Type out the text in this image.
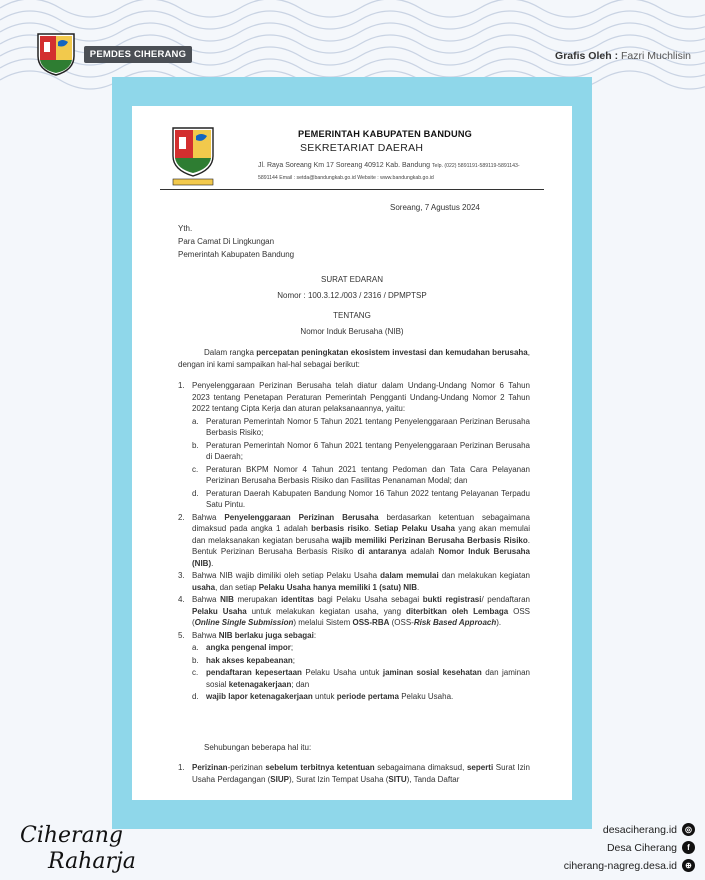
PEMDES CIHERANG	Grafis Oleh : Fazri Muchlisin
PEMERINTAH KABUPATEN BANDUNG
SEKRETARIAT DAERAH
Jl. Raya Soreang Km 17 Soreang 40912 Kab. Bandung Telp. (022) 5891191-589119-5891143-
5891144 Email : setda@bandungkab.go.id Website : www.bandungkab.go.id
Soreang, 7 Agustus 2024
Yth.
Para Camat Di Lingkungan
Pemerintah Kabupaten Bandung
SURAT EDARAN
Nomor : 100.3.12./003 / 2316 / DPMPTSP
TENTANG
Nomor Induk Berusaha (NIB)
Dalam rangka percepatan peningkatan ekosistem investasi dan kemudahan berusaha, dengan ini kami sampaikan hal-hal sebagai berikut:
1. Penyelenggaraan Perizinan Berusaha telah diatur dalam Undang-Undang Nomor 6 Tahun 2023 tentang Penetapan Peraturan Pemerintah Pengganti Undang-Undang Nomor 2 Tahun 2022 tentang Cipta Kerja dan aturan pelaksanaannya, yaitu:
a. Peraturan Pemerintah Nomor 5 Tahun 2021 tentang Penyelenggaraan Perizinan Berusaha Berbasis Risiko;
b. Peraturan Pemerintah Nomor 6 Tahun 2021 tentang Penyelenggaraan Perizinan Berusaha di Daerah;
c. Peraturan BKPM Nomor 4 Tahun 2021 tentang Pedoman dan Tata Cara Pelayanan Perizinan Berusaha Berbasis Risiko dan Fasilitas Penanaman Modal; dan
d. Peraturan Daerah Kabupaten Bandung Nomor 16 Tahun 2022 tentang Pelayanan Terpadu Satu Pintu.
2. Bahwa Penyelenggaraan Perizinan Berusaha berdasarkan ketentuan sebagaimana dimaksud pada angka 1 adalah berbasis risiko. Setiap Pelaku Usaha yang akan memulai dan melaksanakan kegiatan berusaha wajib memiliki Perizinan Berusaha Berbasis Risiko. Bentuk Perizinan Berusaha Berbasis Risiko di antaranya adalah Nomor Induk Berusaha (NIB).
3. Bahwa NIB wajib dimiliki oleh setiap Pelaku Usaha dalam memulai dan melakukan kegiatan usaha, dan setiap Pelaku Usaha hanya memiliki 1 (satu) NIB.
4. Bahwa NIB merupakan identitas bagi Pelaku Usaha sebagai bukti registrasi/ pendaftaran Pelaku Usaha untuk melakukan kegiatan usaha, yang diterbitkan oleh Lembaga OSS (Online Single Submission) melalui Sistem OSS-RBA (OSS-Risk Based Approach).
5. Bahwa NIB berlaku juga sebagai:
a. angka pengenal impor;
b. hak akses kepabeanan;
c. pendaftaran kepesertaan Pelaku Usaha untuk jaminan sosial kesehatan dan jaminan sosial ketenagakerjaan; dan
d. wajib lapor ketenagakerjaan untuk periode pertama Pelaku Usaha.
Sehubungan beberapa hal itu:
1. Perizinan-perizinan sebelum terbitnya ketentuan sebagaimana dimaksud, seperti Surat Izin Usaha Perdagangan (SIUP), Surat Izin Tempat Usaha (SITU), Tanda Daftar
Ciherang
Raharja
desaciherang.id	◎
Desa Ciherang	f
ciherang-nagreg.desa.id	⊕
